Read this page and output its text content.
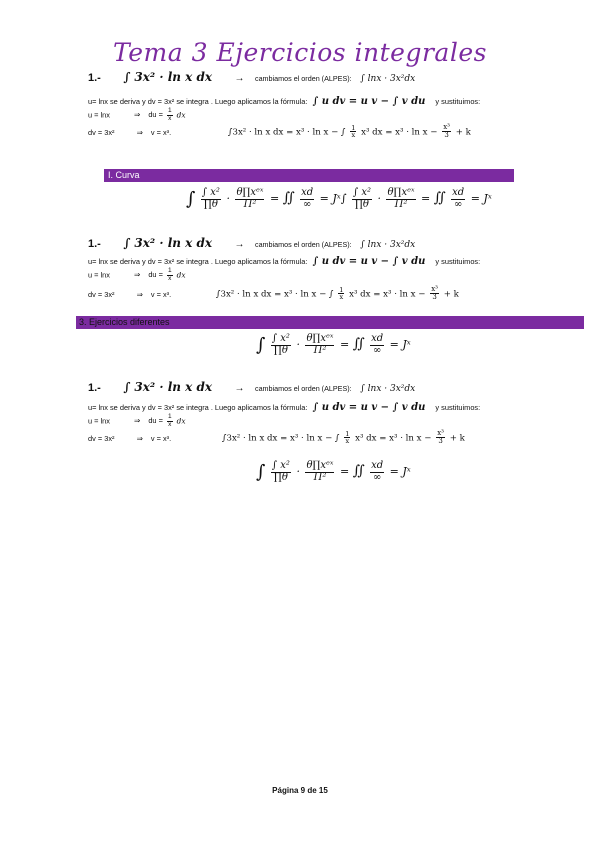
Tema 3 Ejercicios integrales
1.- ∫ 3x² · ln x dx → cambiamos el orden (ALPES): ∫ lnx · 3x²dx
u= lnx se deriva y dv = 3x² se integra . Luego aplicamos la fórmula: ∫ u dv = u v − ∫ v du y sustituimos:
u = lnx	⇒ du = $\frac{1}{x}$ dx
dv = 3x²	⇒ v = x³.	∫3x² · ln x dx = x³ · ln x − ∫ $\frac{1}{x} x^3$ dx = $x^3 \cdot \ln x - \frac{\text{x³}}{3} + k$
I. Curva
∫ $\frac{\text{∫ x²}}{\prod\theta} \cdot \frac{\text{θ∏xᵉˣ}}{\text{Π²}}$ = ∬ $\frac{xd}{\infty}$ = Jˣ∫ $\frac{\text{∫ x²}}{\prod\theta} \cdot \frac{\text{θ∏xᵉˣ}}{\text{Π²}}$ = ∬ $\frac{xd}{\infty}$ = Jˣ
1.- ∫ 3x² · ln x dx → cambiamos el orden (ALPES): ∫ lnx · 3x²dx
u= lnx se deriva y dv = 3x² se integra . Luego aplicamos la fórmula: ∫ u dv = u v − ∫ v du y sustituimos:
u = lnx	⇒ du = $\frac{1}{x}$ dx
dv = 3x²	⇒ v = x³.	∫3x² · ln x dx = x³ · ln x − ∫ $\frac{1}{x} x^3$ dx = $x^3 \cdot \ln x - \frac{\text{x³}}{3} + k$
3. Ejercicios diferentes
∫ $\frac{\text{∫ x²}}{\prod\theta} \cdot \frac{\text{θ∏xᵉˣ}}{\text{Π²}}$ = ∬ $\frac{xd}{\infty}$ = Jˣ
1.- ∫ 3x² · ln x dx → cambiamos el orden (ALPES): ∫ lnx · 3x²dx
u= lnx se deriva y dv = 3x² se integra . Luego aplicamos la fórmula: ∫ u dv = u v − ∫ v du y sustituimos:
u = lnx	⇒ du = $\frac{1}{x}$ dx
dv = 3x²	⇒ v = x³.	∫3x² · ln x dx = x³ · ln x − ∫ $\frac{1}{x} x^3$ dx = $x^3 \cdot \ln x - \frac{\text{x³}}{3} + k$
∫ $\frac{\text{∫ x²}}{\prod\theta} \cdot \frac{\text{θ∏xᵉˣ}}{\text{Π²}}$ = ∬ $\frac{xd}{\infty}$ = Jˣ
Página 9 de 15
